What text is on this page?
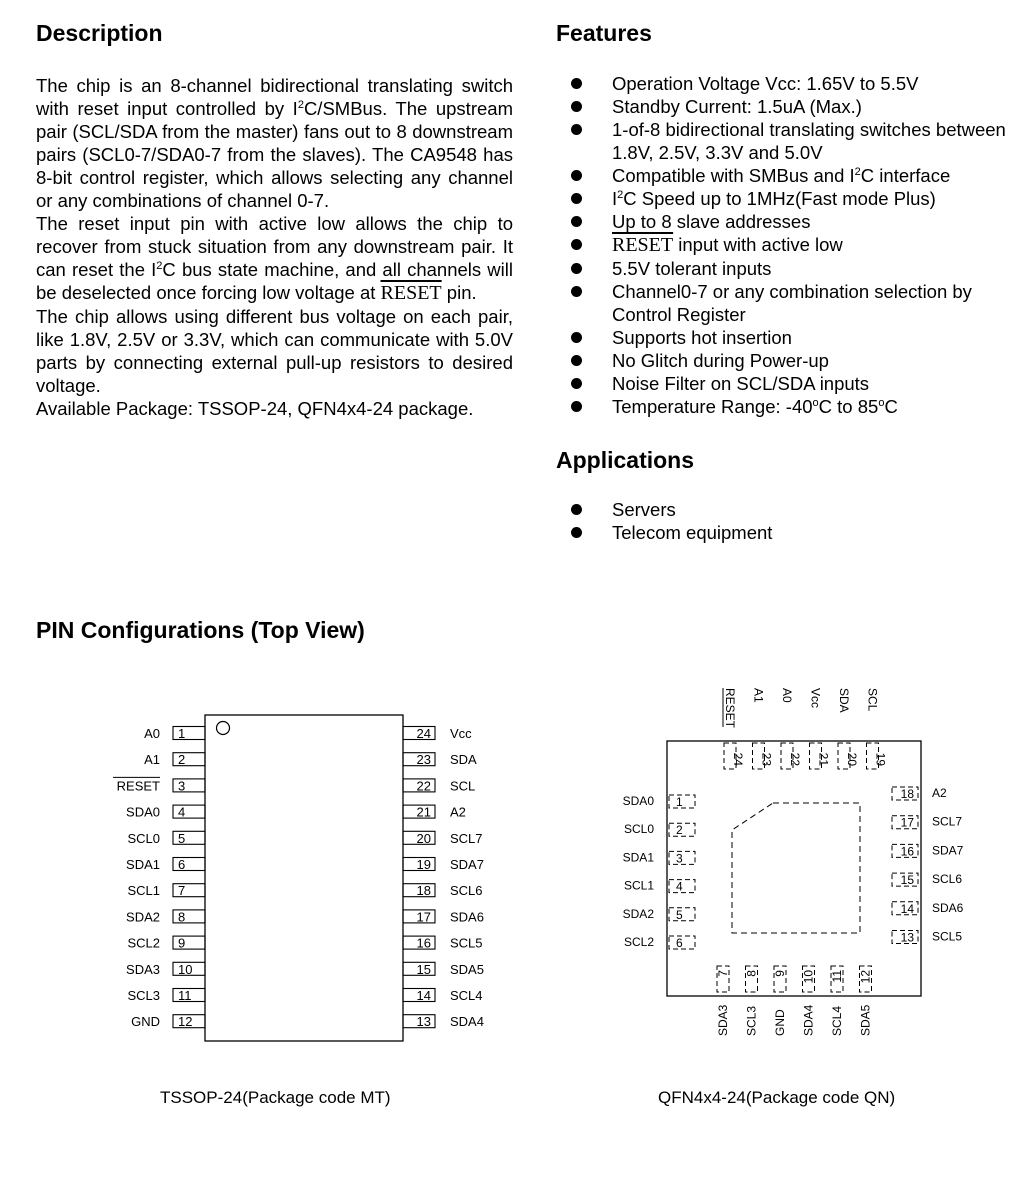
Description

The chip is an 8-channel bidirectional translating switch with reset input controlled by $I^2C$/SMBus. The upstream pair (SCL/SDA from the master) fans out to 8 downstream pairs (SCL0-7/SDA0-7 from the slaves). The CA9548 has 8-bit control register, which allows selecting any channel or any combinations of channel 0-7.

The reset input pin with active low allows the chip to recover from stuck situation from any downstream pair. It can reset the $I^2C$ bus state machine, and all channels will be deselected once forcing low voltage at RESET pin.

The chip allows using different bus voltage on each pair, like 1.8V, 2.5V or 3.3V, which can communicate with 5.0V parts by connecting external pull-up resistors to desired voltage.

Available Package: TSSOP-24, QFN4x4-24 package.

Features
Operation Voltage Vcc: 1.65V to 5.5V
Standby Current: 1.5uA (Max.)
1-of-8 bidirectional translating switches between 1.8V, 2.5V, 3.3V and 5.0V
Compatible with SMBus and $I^2C$ interface
$I^2C$ Speed up to 1MHz(Fast mode Plus)
Up to 8 slave addresses
RESET input with active low
5.5V tolerant inputs
Channel0-7 or any combination selection by Control Register
Supports hot insertion
No Glitch during Power-up
Noise Filter on SCL/SDA inputs
Temperature Range: -40$^o$C to 85$^o$C
Applications
Servers
Telecom equipment
PIN Configurations (Top View)
1
A0
2
A1
3
RESET
4
SDA0
5
SCL0
6
SDA1
7
SCL1
8
SDA2
9
SCL2
10
SDA3
11
SCL3
12
GND
24 Vcc
23 SDA
22 SCL
21 A2
20 SCL7
19 SDA7
18 SCL6
17 SDA6
16 SCL5
15 SDA5
14 SCL4
13 SDA4
24
RESET
23
A1
22
A0
21
Vcc
20
SDA
19
SCL
7
SDA3
8
SCL3
9
GND
10
SDA4
11
SCL4
12
SDA5
1
SDA0
2
SCL0
3
SDA1
4
SCL1
5
SDA2
6
SCL2
18 A2
17 SCL7
16 SDA7
15 SCL6
14 SDA6
13 SCL5
TSSOP-24(Package code MT)	QFN4x4-24(Package code QN)
